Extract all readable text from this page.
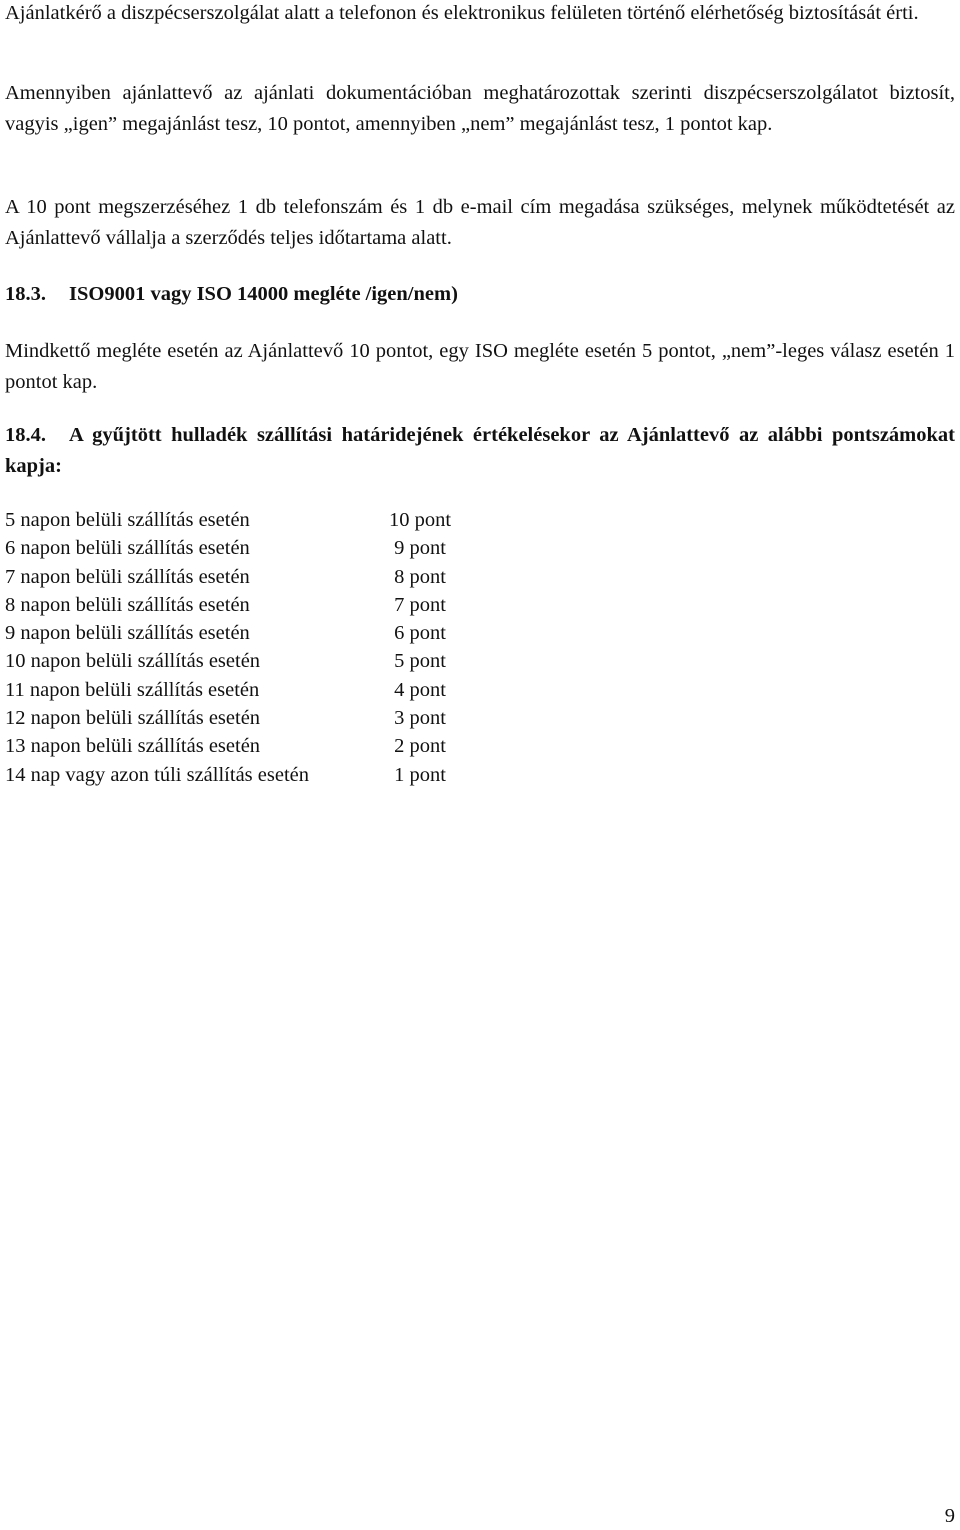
Ajánlatkérő a diszpécserszolgálat alatt a telefonon és elektronikus felületen történő elérhetőség biztosítását érti.

Amennyiben ajánlattevő az ajánlati dokumentációban meghatározottak szerinti diszpécserszolgálatot biztosít, vagyis „igen” megajánlást tesz, 10 pontot, amennyiben „nem” megajánlást tesz, 1 pontot kap.

A 10 pont megszerzéséhez 1 db telefonszám és 1 db e-mail cím megadása szükséges, melynek működtetését az Ajánlattevő vállalja a szerződés teljes időtartama alatt.

18.3. ISO9001 vagy ISO 14000 megléte /igen/nem)

Mindkettő megléte esetén az Ajánlattevő 10 pontot, egy ISO megléte esetén 5 pontot, „nem”-leges válasz esetén 1 pontot kap.

18.4. A gyűjtött hulladék szállítási határidejének értékelésekor az Ajánlattevő az alábbi pontszámokat kapja:

5 napon belüli szállítás esetén	10 pont
6 napon belüli szállítás esetén	9 pont
7 napon belüli szállítás esetén	8 pont
8 napon belüli szállítás esetén	7 pont
9 napon belüli szállítás esetén	6 pont
10 napon belüli szállítás esetén	5 pont
11 napon belüli szállítás esetén	4 pont
12 napon belüli szállítás esetén	3 pont
13 napon belüli szállítás esetén	2 pont
14 nap vagy azon túli szállítás esetén	1 pont
9
